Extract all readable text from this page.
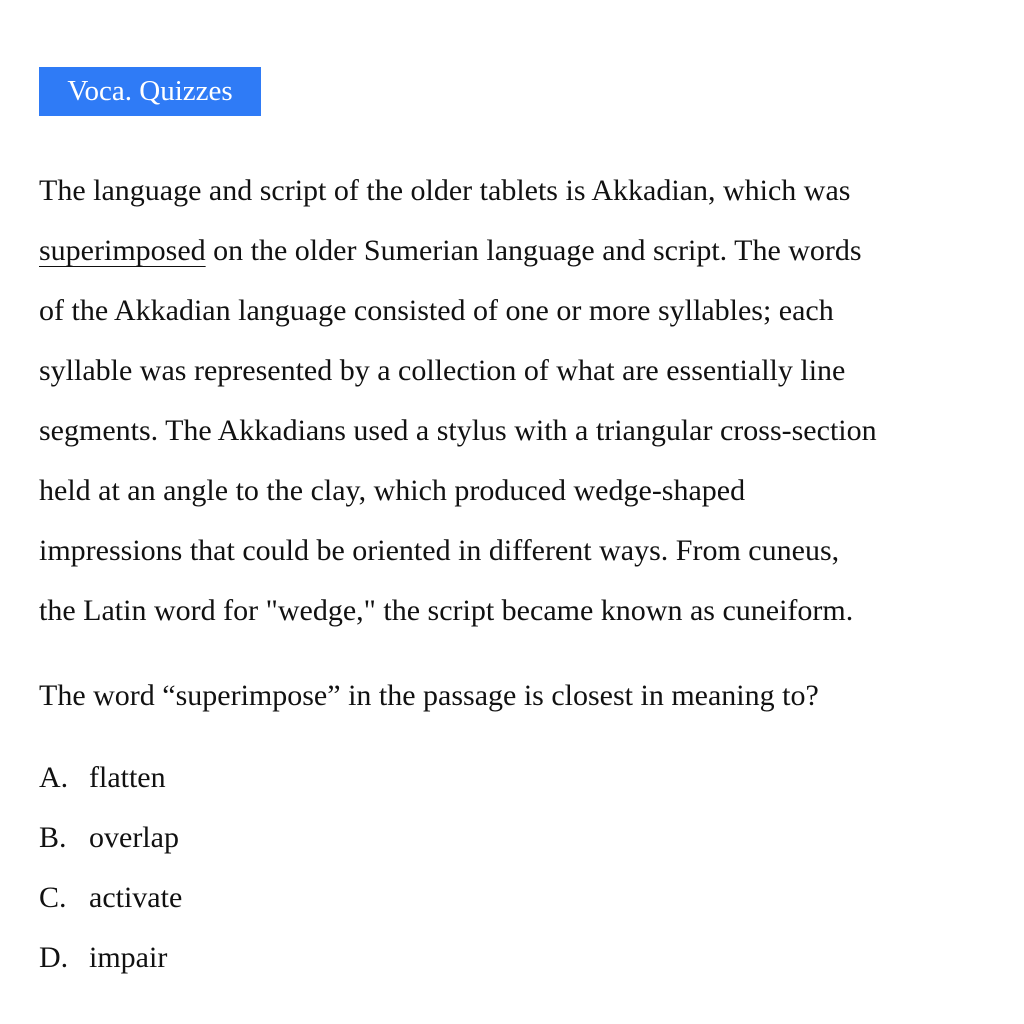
Voca. Quizzes
The language and script of the older tablets is Akkadian, which was
superimposed on the older Sumerian language and script. The words
of the Akkadian language consisted of one or more syllables; each
syllable was represented by a collection of what are essentially line
segments. The Akkadians used a stylus with a triangular cross-section
held at an angle to the clay, which produced wedge-shaped
impressions that could be oriented in different ways. From cuneus,
the Latin word for "wedge," the script became known as cuneiform.

The word “superimpose” in the passage is closest in meaning to?

A. flatten
B. overlap
C. activate
D. impair
